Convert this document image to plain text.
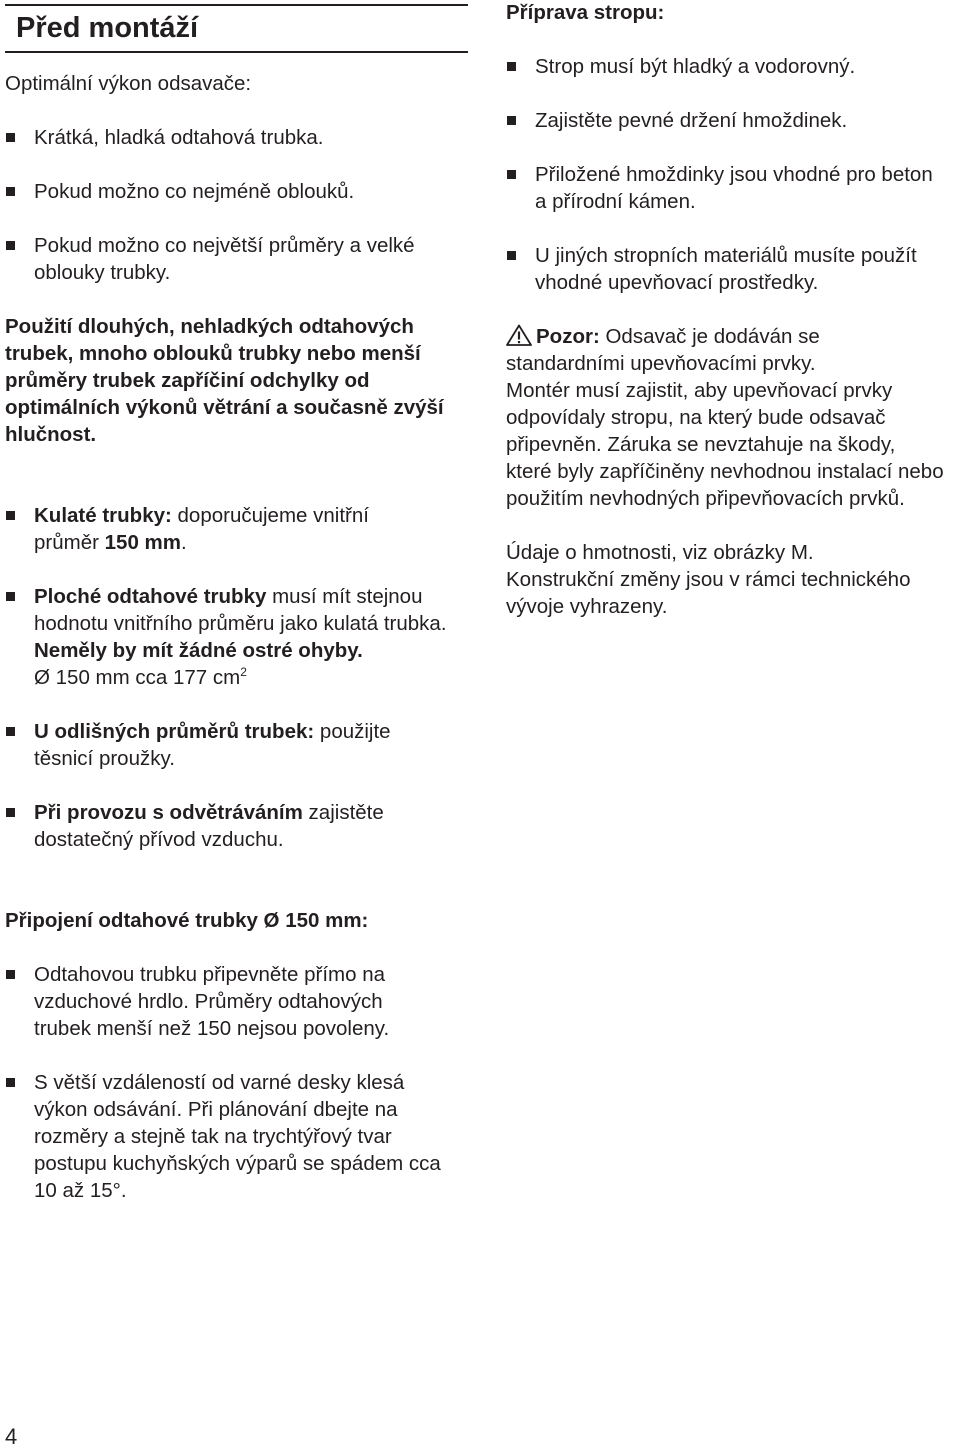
Před montáží

Optimální výkon odsavače:

Krátká, hladká odtahová trubka.
Pokud možno co nejméně oblouků.
Pokud možno co největší průměry a velké oblouky trubky.

Použití dlouhých, nehladkých odtahových trubek, mnoho oblouků trubky nebo menší průměry trubek zapříčiní odchylky od optimálních výkonů větrání a současně zvýší hlučnost.

Kulaté trubky: doporučujeme vnitřní průměr 150 mm.
Ploché odtahové trubky musí mít stejnou hodnotu vnitřního průměru jako kulatá trubka.
Neměly by mít žádné ostré ohyby.
Ø 150 mm cca 177 $cm^2$
U odlišných průměrů trubek: použijte těsnicí proužky.
Při provozu s odvětráváním zajistěte dostatečný přívod vzduchu.

Připojení odtahové trubky Ø 150 mm:

Odtahovou trubku připevněte přímo na vzduchové hrdlo. Průměry odtahových trubek menší než 150 nejsou povoleny.
S větší vzdáleností od varné desky klesá výkon odsávání. Při plánování dbejte na rozměry a stejně tak na trychtýřový tvar postupu kuchyňských výparů se spádem cca 10 až 15°.

Příprava stropu:

Strop musí být hladký a vodorovný.
Zajistěte pevné držení hmoždinek.
Přiložené hmoždinky jsou vhodné pro beton a přírodní kámen.
U jiných stropních materiálů musíte použít vhodné upevňovací prostředky.

Pozor: Odsavač je dodáván se standardními upevňovacími prvky.

Montér musí zajistit, aby upevňovací prvky odpovídaly stropu, na který bude odsavač připevněn. Záruka se nevztahuje na škody, které byly zapříčiněny nevhodnou instalací nebo použitím nevhodných připevňovacích prvků.

Údaje o hmotnosti, viz obrázky M.

Konstrukční změny jsou v rámci technického vývoje vyhrazeny.

4
